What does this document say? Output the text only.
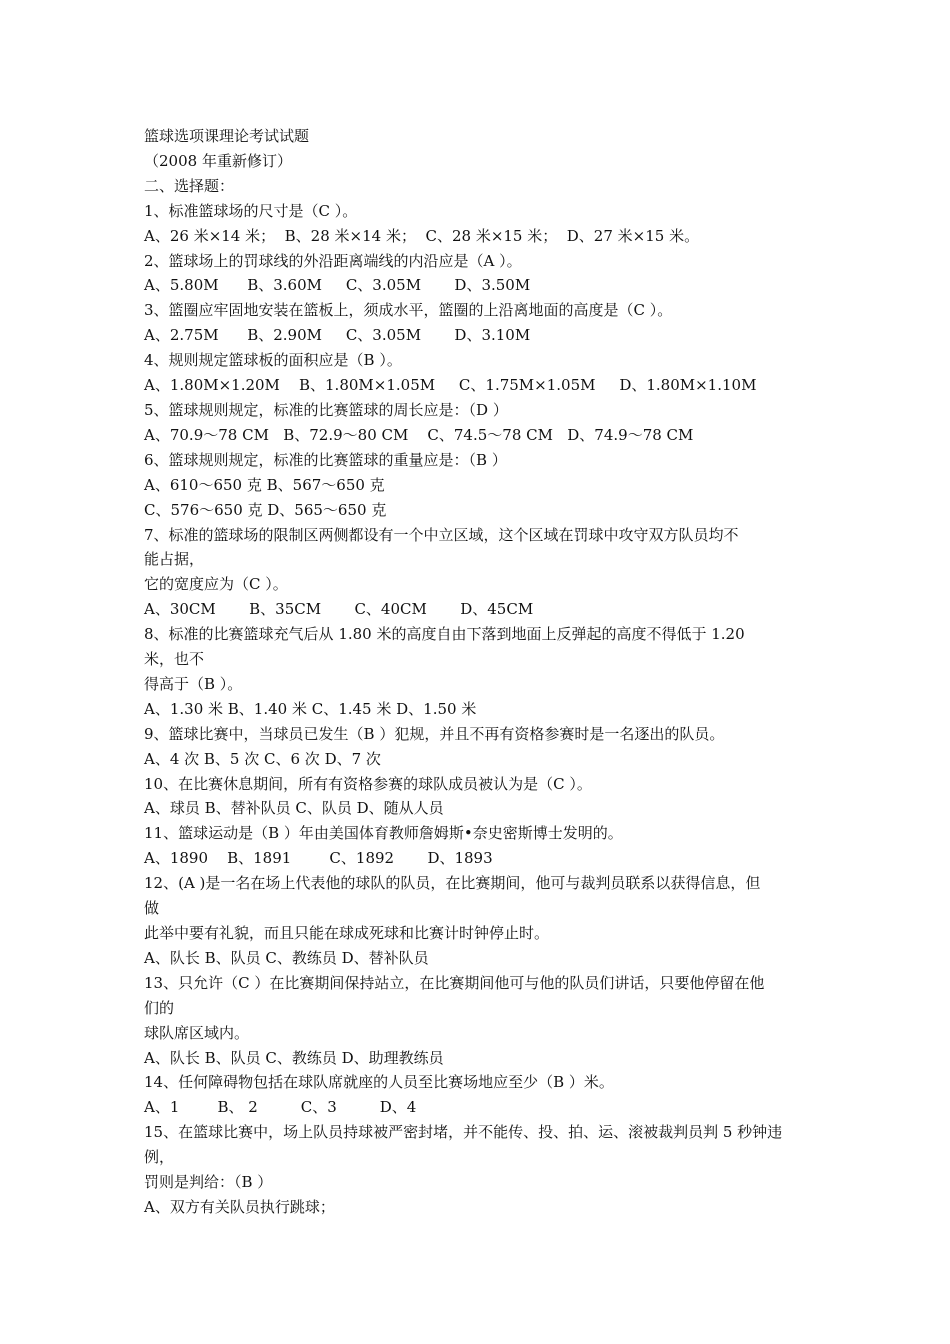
篮球选项课理论考试试题

（2008 年重新修订）

二、选择题：

1、标准篮球场的尺寸是（C ）。

A、26 米×14 米；  B、28 米×14 米；  C、28 米×15 米；  D、27 米×15 米。

2、篮球场上的罚球线的外沿距离端线的内沿应是（A ）。

A、5.80M      B、3.60M     C、3.05M       D、3.50M

3、篮圈应牢固地安装在篮板上，须成水平，篮圈的上沿离地面的高度是（C ）。

A、2.75M      B、2.90M     C、3.05M       D、3.10M

4、规则规定篮球板的面积应是（B ）。

A、1.80M×1.20M    B、1.80M×1.05M     C、1.75M×1.05M     D、1.80M×1.10M

5、篮球规则规定，标准的比赛篮球的周长应是：（D ）

A、70.9～78 CM   B、72.9～80 CM    C、74.5～78 CM   D、74.9～78 CM

6、篮球规则规定，标准的比赛篮球的重量应是：（B ）

A、610～650 克 B、567～650 克

C、576～650 克 D、565～650 克

7、标准的篮球场的限制区两侧都设有一个中立区域，这个区域在罚球中攻守双方队员均不

能占据，

它的宽度应为（C ）。

A、30CM       B、35CM       C、40CM       D、45CM

8、标准的比赛篮球充气后从 1.80 米的高度自由下落到地面上反弹起的高度不得低于 1.20

米，也不

得高于（B ）。

A、1.30 米 B、1.40 米 C、1.45 米 D、1.50 米

9、篮球比赛中，当球员已发生（B ）犯规，并且不再有资格参赛时是一名逐出的队员。

A、4 次 B、5 次 C、6 次 D、7 次

10、在比赛休息期间，所有有资格参赛的球队成员被认为是（C ）。

A、球员 B、替补队员 C、队员 D、随从人员

11、篮球运动是（B ）年由美国体育教师詹姆斯•奈史密斯博士发明的。

A、1890    B、1891        C、1892       D、1893

12、(A )是一名在场上代表他的球队的队员，在比赛期间，他可与裁判员联系以获得信息，但

做

此举中要有礼貌，而且只能在球成死球和比赛计时钟停止时。

A、队长 B、队员 C、教练员 D、替补队员

13、只允许（C ）在比赛期间保持站立，在比赛期间他可与他的队员们讲话，只要他停留在他

们的

球队席区域内。

A、队长 B、队员 C、教练员 D、助理教练员

14、任何障碍物包括在球队席就座的人员至比赛场地应至少（B ）米。

A、1        B、 2         C、3         D、4

15、在篮球比赛中，场上队员持球被严密封堵，并不能传、投、拍、运、滚被裁判员判 5 秒钟违

例，

罚则是判给：（B ）

A、双方有关队员执行跳球；
